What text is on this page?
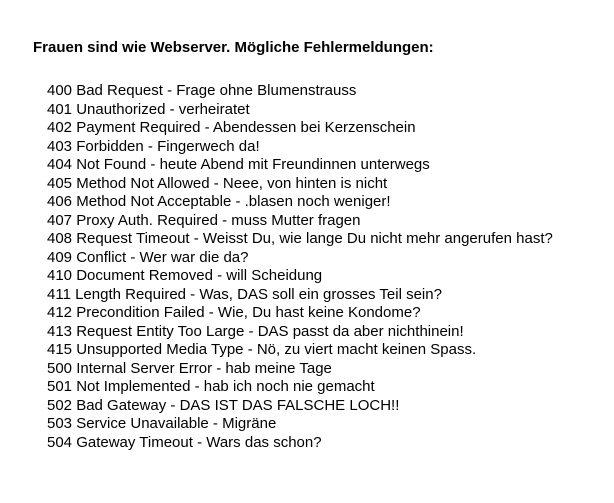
Frauen sind wie Webserver. Mögliche Fehlermeldungen:
400 Bad Request - Frage ohne Blumenstrauss
401 Unauthorized - verheiratet
402 Payment Required - Abendessen bei Kerzenschein
403 Forbidden - Fingerwech da!
404 Not Found - heute Abend mit Freundinnen unterwegs
405 Method Not Allowed - Neee, von hinten is nicht
406 Method Not Acceptable - .blasen noch weniger!
407 Proxy Auth. Required - muss Mutter fragen
408 Request Timeout - Weisst Du, wie lange Du nicht mehr angerufen hast?
409 Conflict - Wer war die da?
410 Document Removed - will Scheidung
411 Length Required - Was, DAS soll ein grosses Teil sein?
412 Precondition Failed - Wie, Du hast keine Kondome?
413 Request Entity Too Large - DAS passt da aber nichthinein!
415 Unsupported Media Type - Nö, zu viert macht keinen Spass.
500 Internal Server Error - hab meine Tage
501 Not Implemented - hab ich noch nie gemacht
502 Bad Gateway - DAS IST DAS FALSCHE LOCH!!
503 Service Unavailable - Migräne
504 Gateway Timeout - Wars das schon?
